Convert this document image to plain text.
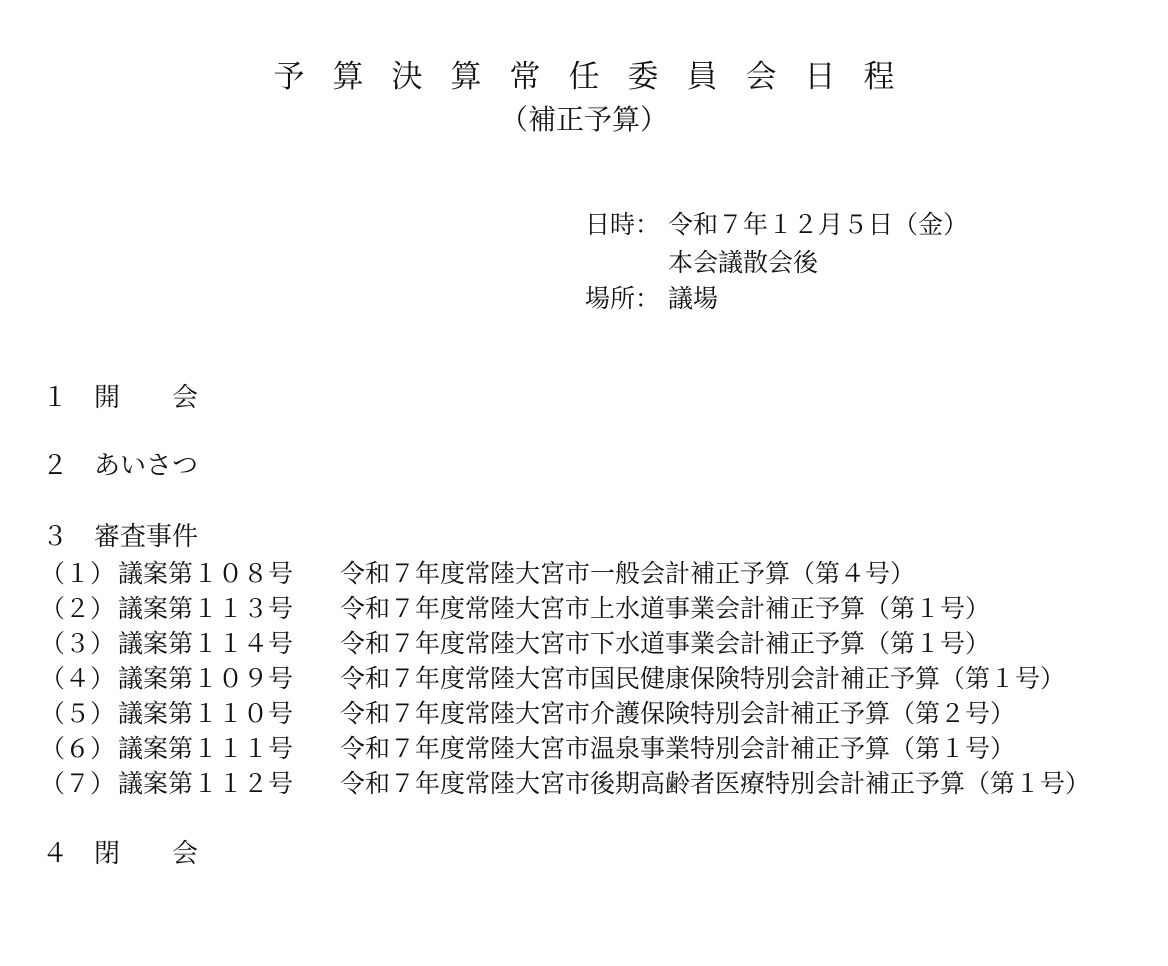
予算決算常任委員会日程
（補正予算）
日時： 令和７年１２月５日（金）
本会議散会後
場所： 議場
１ 開　　会
２ あいさつ
３ 審査事件
（１） 議案第１０８号 令和７年度常陸大宮市一般会計補正予算（第４号）
（２） 議案第１１３号 令和７年度常陸大宮市上水道事業会計補正予算（第１号）
（３） 議案第１１４号 令和７年度常陸大宮市下水道事業会計補正予算（第１号）
（４） 議案第１０９号 令和７年度常陸大宮市国民健康保険特別会計補正予算（第１号）
（５） 議案第１１０号 令和７年度常陸大宮市介護保険特別会計補正予算（第２号）
（６） 議案第１１１号 令和７年度常陸大宮市温泉事業特別会計補正予算（第１号）
（７） 議案第１１２号 令和７年度常陸大宮市後期高齢者医療特別会計補正予算（第１号）
４ 閉　　会
